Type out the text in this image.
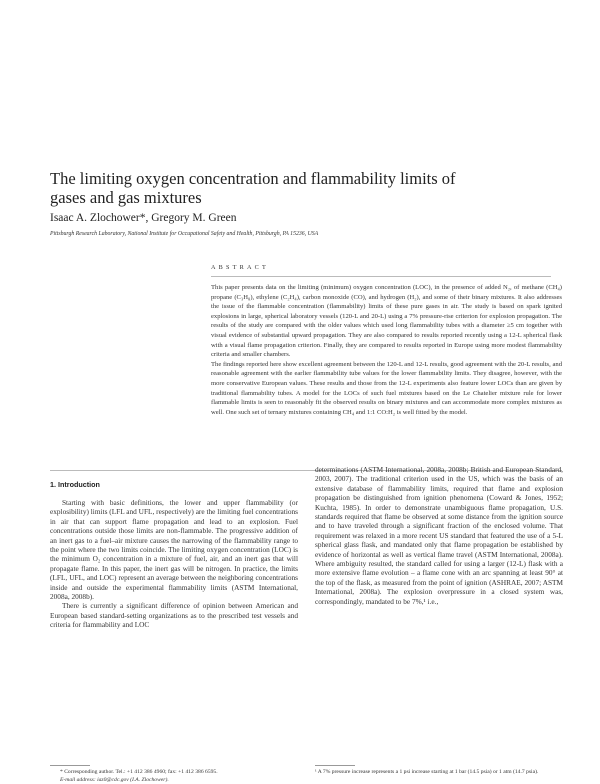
The limiting oxygen concentration and flammability limits of gases and gas mixtures
Isaac A. Zlochower*, Gregory M. Green
Pittsburgh Research Laboratory, National Institute for Occupational Safety and Health, Pittsburgh, PA 15236, USA
ABSTRACT

This paper presents data on the limiting (minimum) oxygen concentration (LOC), in the presence of added N₂, of methane (CH₄) propane (C₃H₈), ethylene (C₂H₄), carbon monoxide (CO), and hydrogen (H₂), and some of their binary mixtures. It also addresses the issue of the flammable concentration (flammability) limits of these pure gases in air. The study is based on spark ignited explosions in large, spherical laboratory vessels (120-L and 20-L) using a 7% pressure-rise criterion for explosion propagation. The results of the study are compared with the older values which used long flammability tubes with a diameter ≥5 cm together with visual evidence of substantial upward propagation. They are also compared to results reported recently using a 12-L spherical flask with a visual flame propagation criterion. Finally, they are compared to results reported in Europe using more modest flammability criteria and smaller chambers.

The findings reported here show excellent agreement between the 120-L and 12-L results, good agreement with the 20-L results, and reasonable agreement with the earlier flammability tube values for the lower flammability limits. They disagree, however, with the more conservative European values. These results and those from the 12-L experiments also feature lower LOCs than are given by traditional flammability tubes. A model for the LOCs of such fuel mixtures based on the Le Chatelier mixture rule for lower flammable limits is seen to reasonably fit the observed results on binary mixtures and can accommodate more complex mixtures as well. One such set of ternary mixtures containing CH₄ and 1:1 CO:H₂ is well fitted by the model.

1. Introduction

Starting with basic definitions, the lower and upper flammability (or explosibility) limits (LFL and UFL, respectively) are the limiting fuel concentrations in air that can support flame propagation and lead to an explosion. Fuel concentrations outside those limits are non-flammable. The progressive addition of an inert gas to a fuel–air mixture causes the narrowing of the flammability range to the point where the two limits coincide. The limiting oxygen concentration (LOC) is the minimum O₂ concentration in a mixture of fuel, air, and an inert gas that will propagate flame. In this paper, the inert gas will be nitrogen. In practice, the limits (LFL, UFL, and LOC) represent an average between the neighboring concentrations inside and outside the experimental flammability limits (ASTM International, 2008a, 2008b).

There is currently a significant difference of opinion between American and European based standard-setting organizations as to the prescribed test vessels and criteria for flammability and LOC

determinations (ASTM International, 2008a, 2008b; British and European Standard, 2003, 2007). The traditional criterion used in the US, which was the basis of an extensive database of flammability limits, required that flame and explosion propagation be distinguished from ignition phenomena (Coward & Jones, 1952; Kuchta, 1985). In order to demonstrate unambiguous flame propagation, U.S. standards required that flame be observed at some distance from the ignition source and to have traveled through a significant fraction of the enclosed volume. That requirement was relaxed in a more recent US standard that featured the use of a 5-L spherical glass flask, and mandated only that flame propagation be established by evidence of horizontal as well as vertical flame travel (ASTM International, 2008a). Where ambiguity resulted, the standard called for using a larger (12-L) flask with a more extensive flame evolution – a flame cone with an arc spanning at least 90° at the top of the flask, as measured from the point of ignition (ASHRAE, 2007; ASTM International, 2008a). The explosion overpressure in a closed system was, correspondingly, mandated to be 7%,¹ i.e.,

* Corresponding author. Tel.: +1 412 386 4960; fax: +1 412 386 6595.
E-mail address: iaz0@cdc.gov (I.A. Zlochower).
¹ A 7% pressure increase represents a 1 psi increase starting at 1 bar (14.5 psia) or 1 atm (14.7 psia).
